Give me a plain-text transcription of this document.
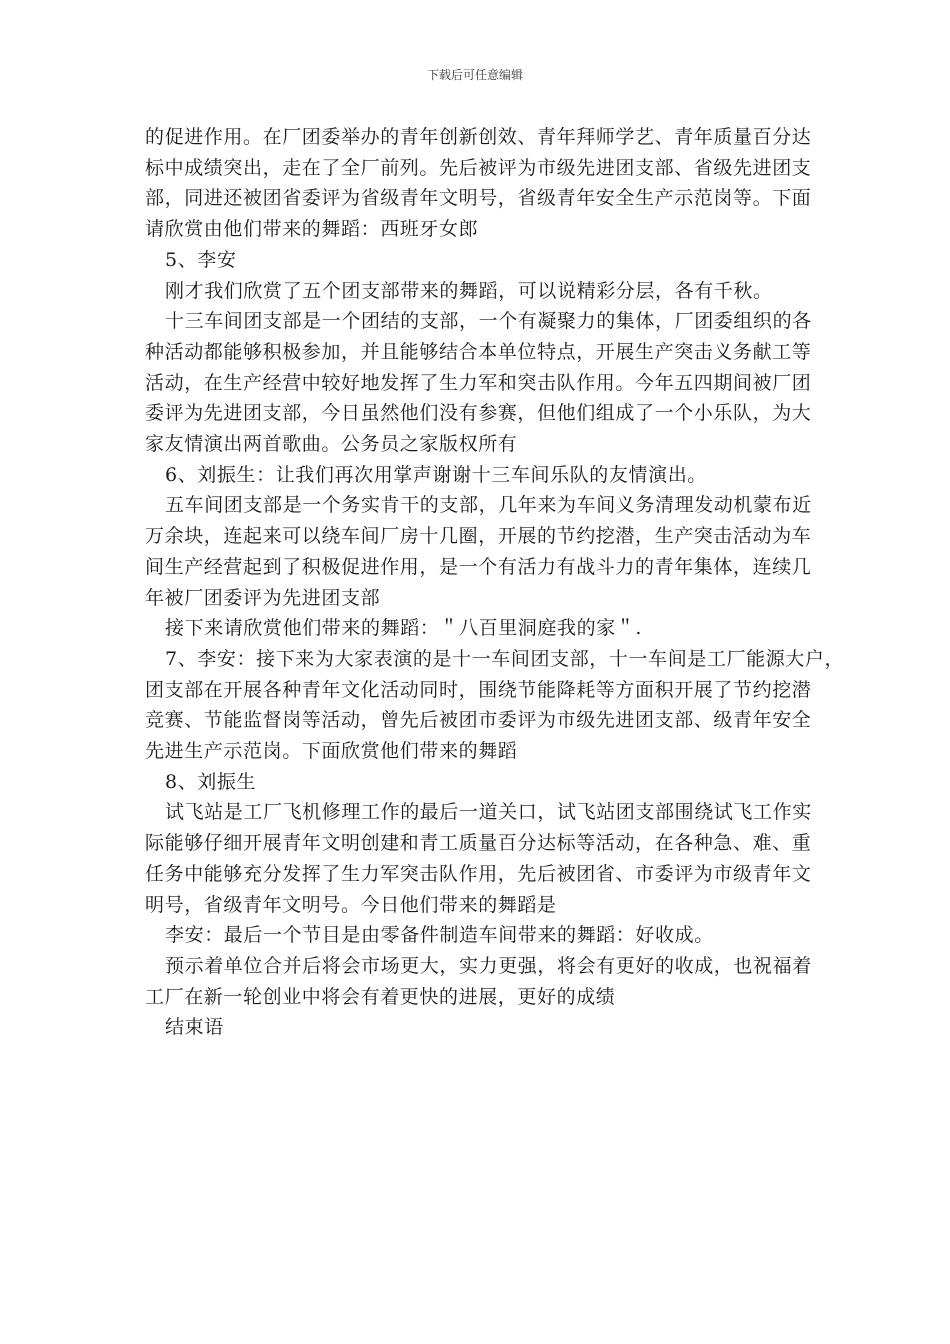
下载后可任意编辑

的促进作用。在厂团委举办的青年创新创效、青年拜师学艺、青年质量百分达

标中成绩突出，走在了全厂前列。先后被评为市级先进团支部、省级先进团支

部，同进还被团省委评为省级青年文明号，省级青年安全生产示范岗等。下面

请欣赏由他们带来的舞蹈：西班牙女郎

5、李安

刚才我们欣赏了五个团支部带来的舞蹈，可以说精彩分层，各有千秋。

十三车间团支部是一个团结的支部，一个有凝聚力的集体，厂团委组织的各

种活动都能够积极参加，并且能够结合本单位特点，开展生产突击义务献工等

活动，在生产经营中较好地发挥了生力军和突击队作用。今年五四期间被厂团

委评为先进团支部，今日虽然他们没有参赛，但他们组成了一个小乐队，为大

家友情演出两首歌曲。公务员之家版权所有

6、刘振生：让我们再次用掌声谢谢十三车间乐队的友情演出。

五车间团支部是一个务实肯干的支部，几年来为车间义务清理发动机蒙布近

万余块，连起来可以绕车间厂房十几圈，开展的节约挖潜，生产突击活动为车

间生产经营起到了积极促进作用，是一个有活力有战斗力的青年集体，连续几

年被厂团委评为先进团支部

接下来请欣赏他们带来的舞蹈：＂八百里洞庭我的家＂.

7、李安：接下来为大家表演的是十一车间团支部，十一车间是工厂能源大户，

团支部在开展各种青年文化活动同时，围绕节能降耗等方面积开展了节约挖潜

竞赛、节能监督岗等活动，曾先后被团市委评为市级先进团支部、级青年安全

先进生产示范岗。下面欣赏他们带来的舞蹈

8、刘振生

试飞站是工厂飞机修理工作的最后一道关口，试飞站团支部围绕试飞工作实

际能够仔细开展青年文明创建和青工质量百分达标等活动，在各种急、难、重

任务中能够充分发挥了生力军突击队作用，先后被团省、市委评为市级青年文

明号，省级青年文明号。今日他们带来的舞蹈是

李安：最后一个节目是由零备件制造车间带来的舞蹈：好收成。

预示着单位合并后将会市场更大，实力更强，将会有更好的收成，也祝福着

工厂在新一轮创业中将会有着更快的进展，更好的成绩

结束语
